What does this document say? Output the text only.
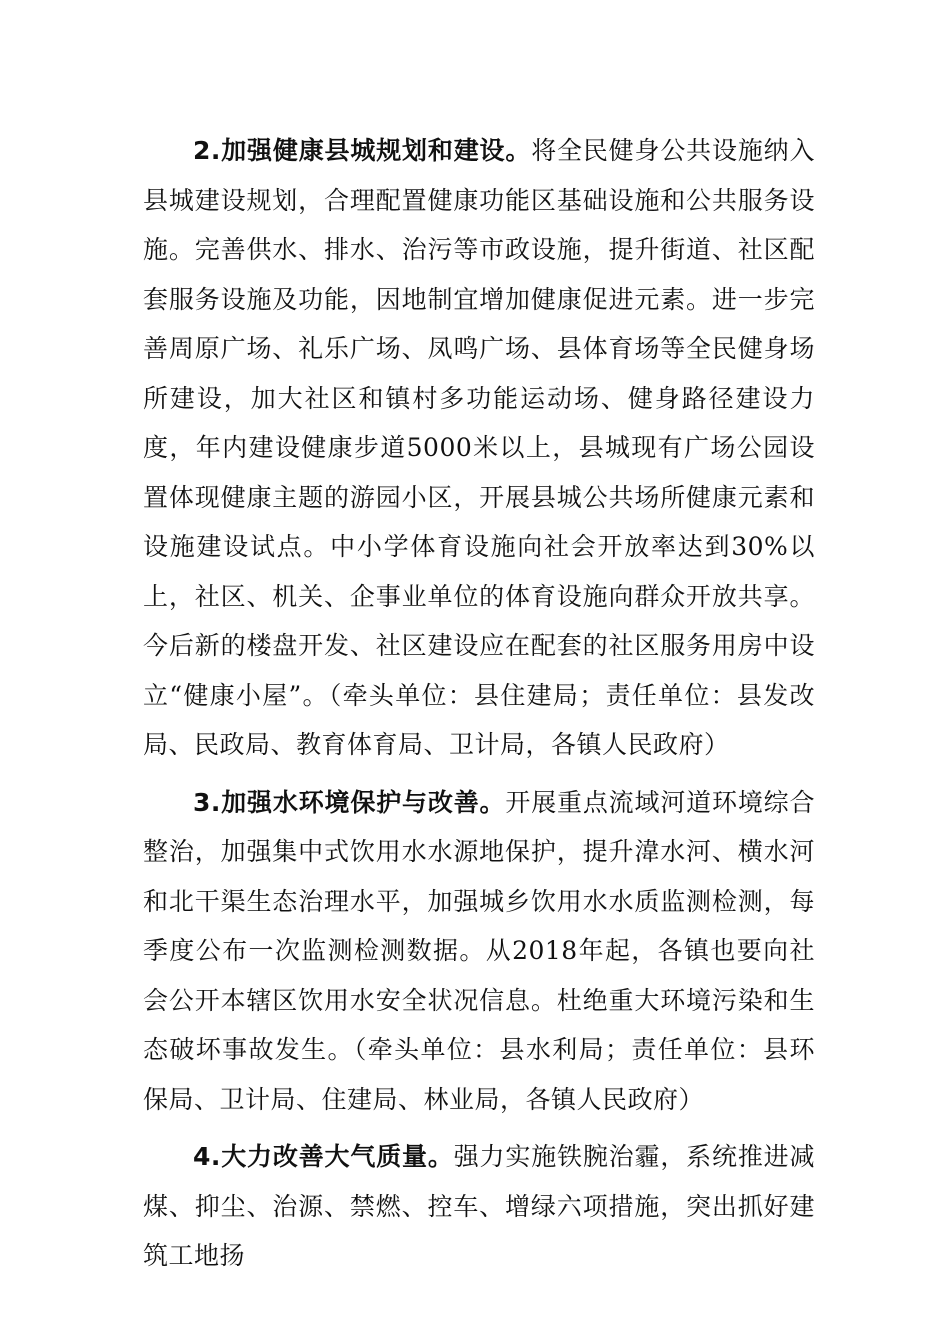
2.加强健康县城规划和建设。将全民健身公共设施纳入县城建设规划，合理配置健康功能区基础设施和公共服务设施。完善供水、排水、治污等市政设施，提升街道、社区配套服务设施及功能，因地制宜增加健康促进元素。进一步完善周原广场、礼乐广场、凤鸣广场、县体育场等全民健身场所建设，加大社区和镇村多功能运动场、健身路径建设力度，年内建设健康步道5000米以上，县城现有广场公园设置体现健康主题的游园小区，开展县城公共场所健康元素和设施建设试点。中小学体育设施向社会开放率达到30%以上，社区、机关、企事业单位的体育设施向群众开放共享。今后新的楼盘开发、社区建设应在配套的社区服务用房中设立“健康小屋”。（牵头单位：县住建局；责任单位：县发改局、民政局、教育体育局、卫计局，各镇人民政府）

3.加强水环境保护与改善。开展重点流域河道环境综合整治，加强集中式饮用水水源地保护，提升湋水河、横水河和北干渠生态治理水平，加强城乡饮用水水质监测检测，每季度公布一次监测检测数据。从2018年起，各镇也要向社会公开本辖区饮用水安全状况信息。杜绝重大环境污染和生态破坏事故发生。（牵头单位：县水利局；责任单位：县环保局、卫计局、住建局、林业局，各镇人民政府）

4.大力改善大气质量。强力实施铁腕治霾，系统推进减煤、抑尘、治源、禁燃、控车、增绿六项措施，突出抓好建筑工地扬
